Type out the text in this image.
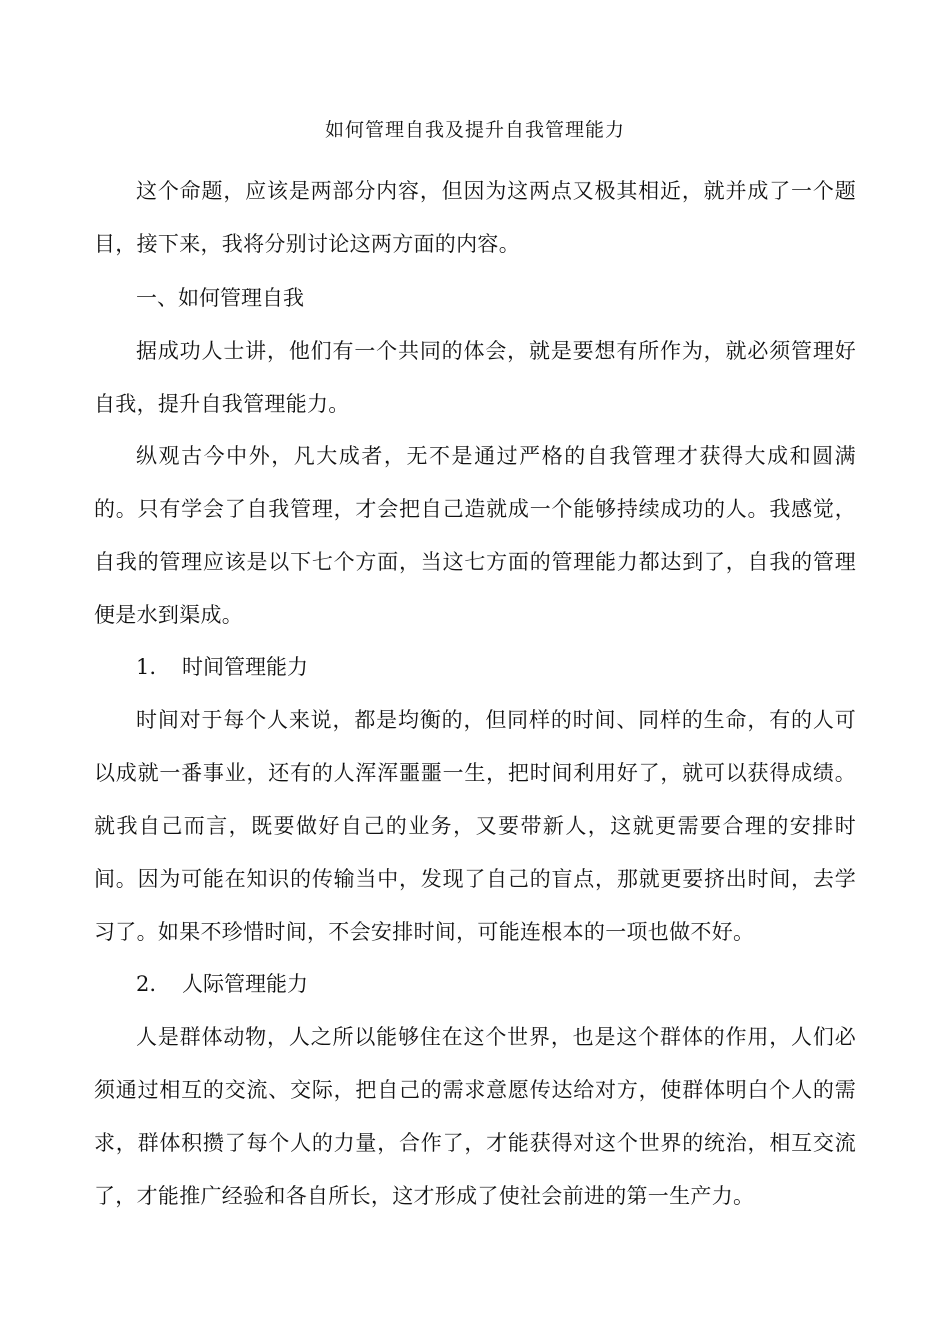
如何管理自我及提升自我管理能力

这个命题，应该是两部分内容，但因为这两点又极其相近，就并成了一个题目，接下来，我将分别讨论这两方面的内容。

一、如何管理自我

据成功人士讲，他们有一个共同的体会，就是要想有所作为，就必须管理好自我，提升自我管理能力。

纵观古今中外，凡大成者，无不是通过严格的自我管理才获得大成和圆满的。只有学会了自我管理，才会把自己造就成一个能够持续成功的人。我感觉，自我的管理应该是以下七个方面，当这七方面的管理能力都达到了，自我的管理便是水到渠成。

1. 时间管理能力

时间对于每个人来说，都是均衡的，但同样的时间、同样的生命，有的人可以成就一番事业，还有的人浑浑噩噩一生，把时间利用好了，就可以获得成绩。就我自己而言，既要做好自己的业务，又要带新人，这就更需要合理的安排时间。因为可能在知识的传输当中，发现了自己的盲点，那就更要挤出时间，去学习了。如果不珍惜时间，不会安排时间，可能连根本的一项也做不好。

2. 人际管理能力

人是群体动物，人之所以能够住在这个世界，也是这个群体的作用，人们必须通过相互的交流、交际，把自己的需求意愿传达给对方，使群体明白个人的需求，群体积攒了每个人的力量，合作了，才能获得对这个世界的统治，相互交流了，才能推广经验和各自所长，这才形成了使社会前进的第一生产力。
